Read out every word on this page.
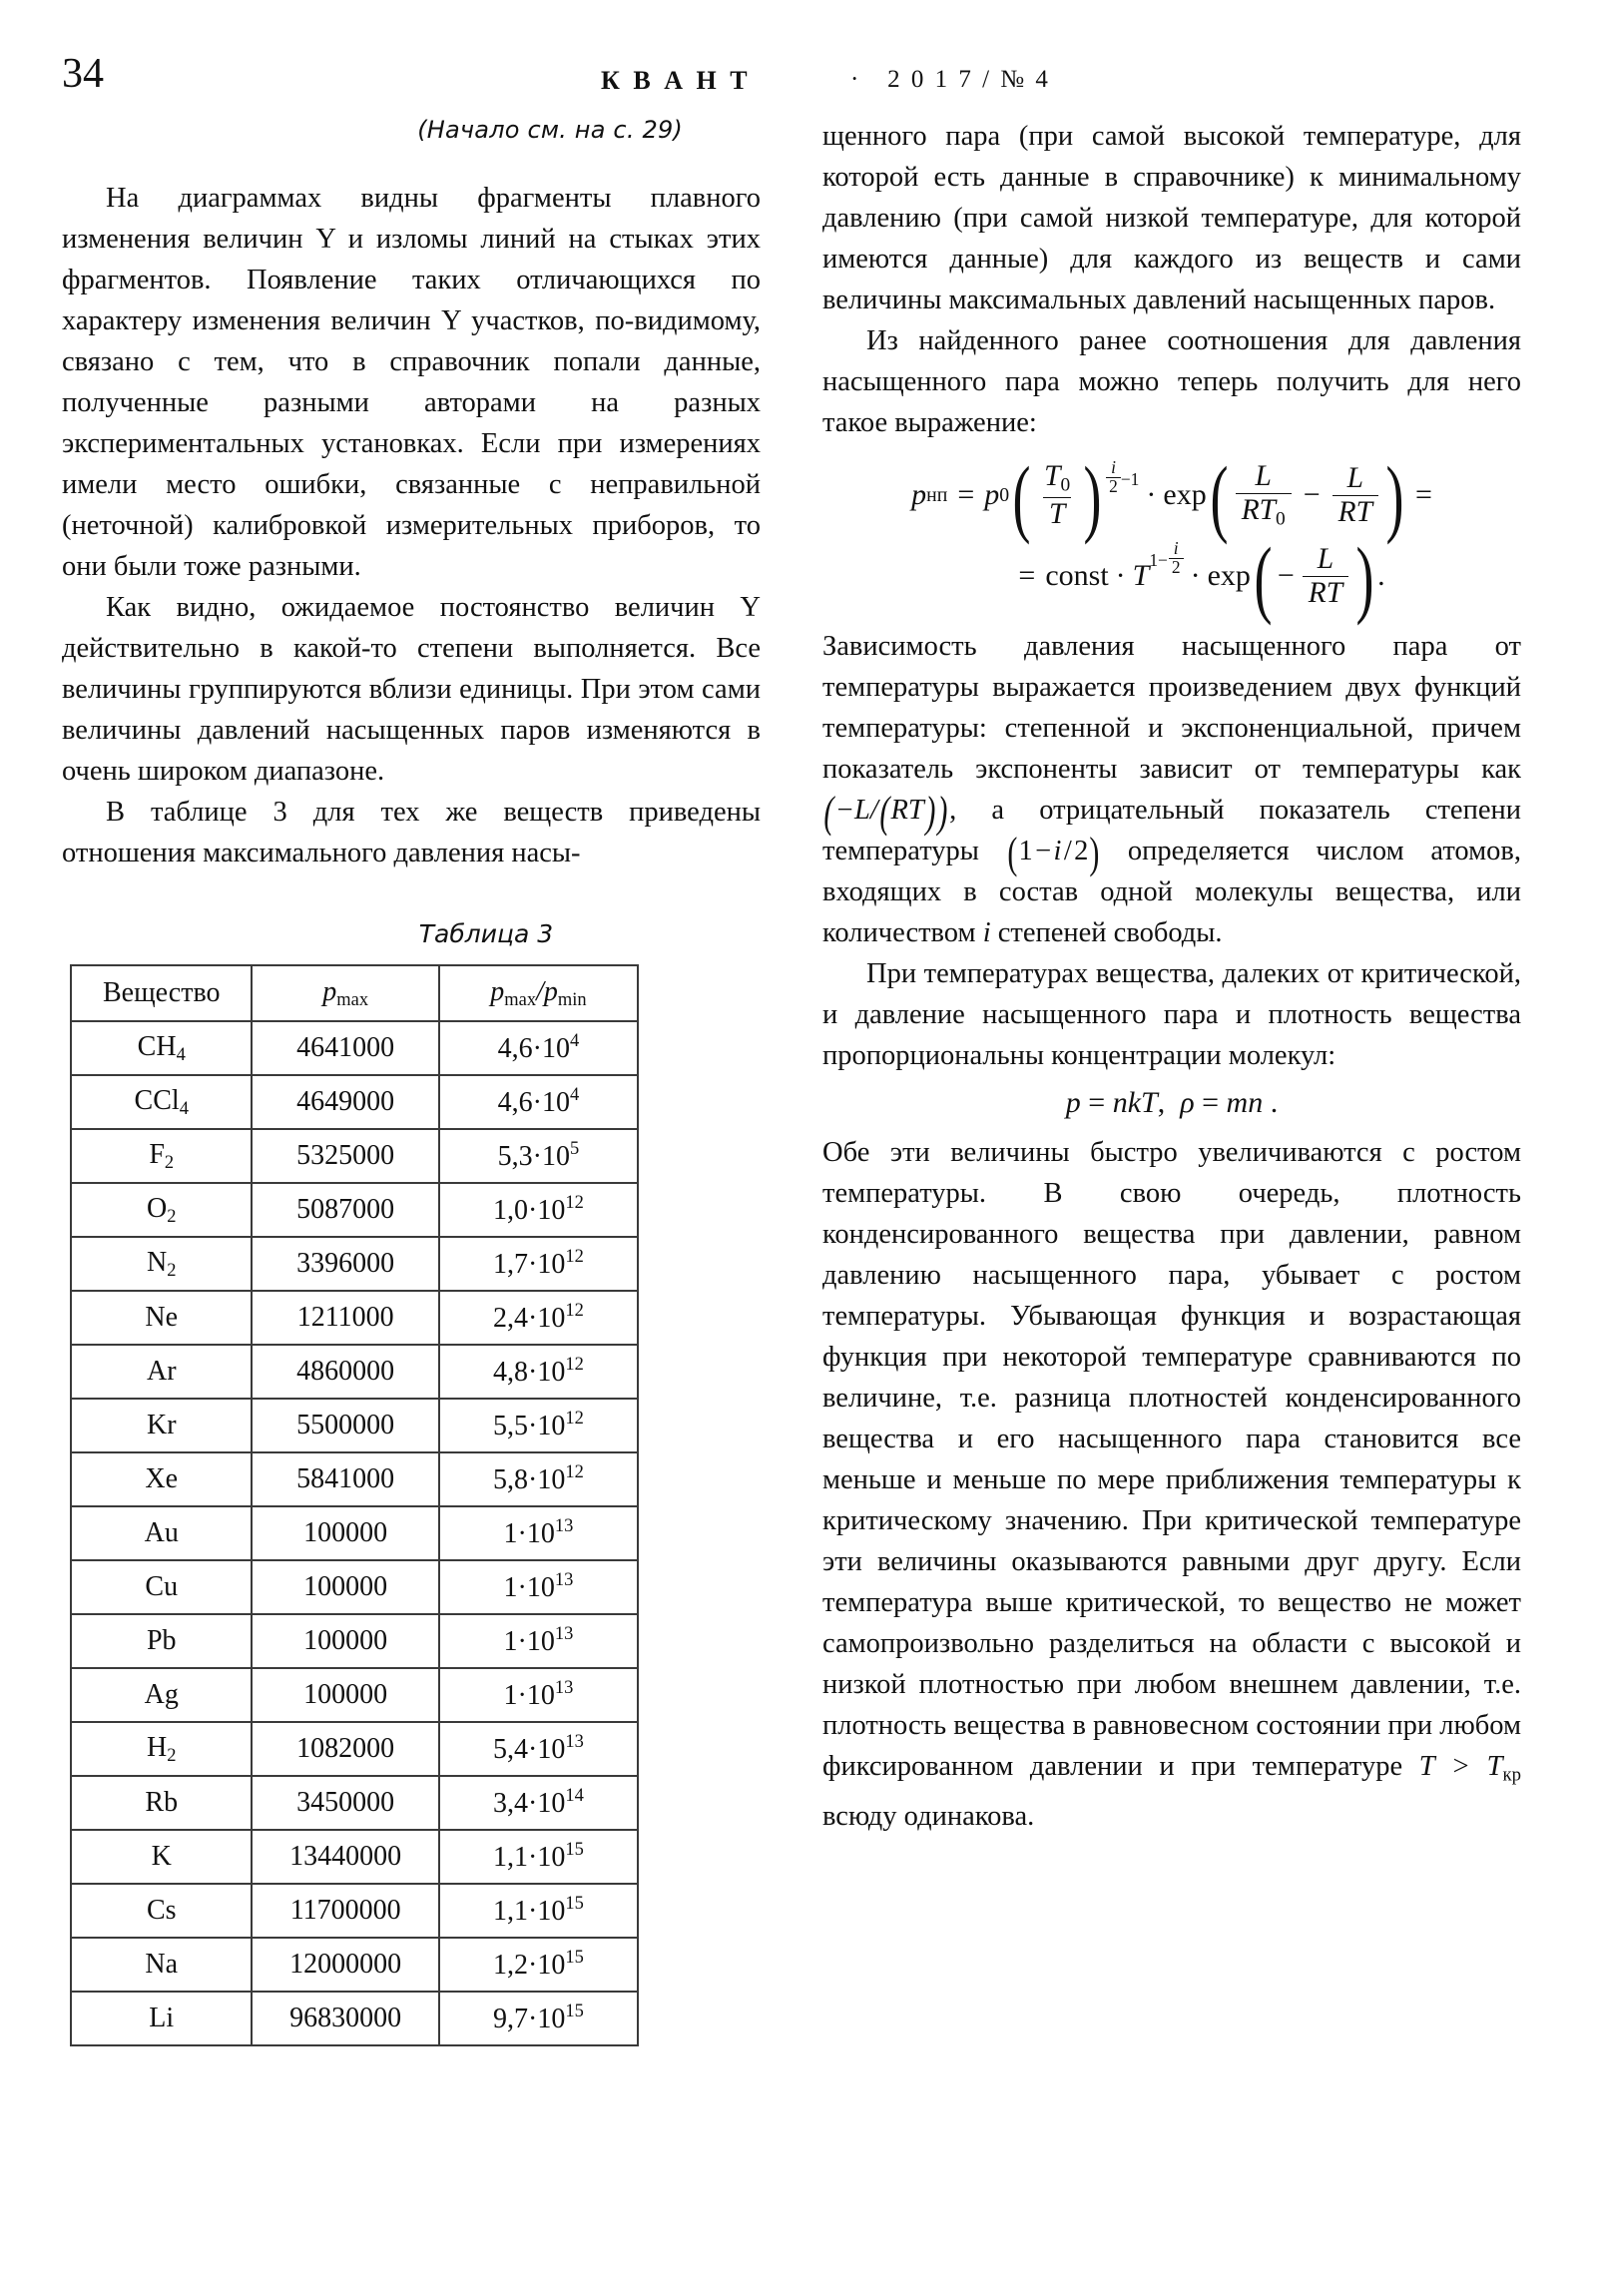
34	К В А Н Т	· 2 0 1 7 / № 4
(Начало см. на с. 29)

На диаграммах видны фрагменты плавного изменения величин Υ и изломы линий на стыках этих фрагментов. Появление таких отличающихся по характеру изменения величин Υ участков, по-видимому, связано с тем, что в справочник попали данные, полученные разными авторами на разных экспериментальных установках. Если при измерениях имели место ошибки, связанные с неправильной (неточной) калибровкой измерительных приборов, то они были тоже разными.

Как видно, ожидаемое постоянство величин Υ действительно в какой-то степени выполняется. Все величины группируются вблизи единицы. При этом сами величины давлений насыщенных паров изменяются в очень широком диапазоне.

В таблице 3 для тех же веществ приведены отношения максимального давления насы-

Таблица 3
Вещество	$p_{max}$	$p_{max}/p_{min}$
$CH_4$	4641000	$4,6\cdot 10^4$
CCl$_4$	4649000	$4,6\cdot 10^4$
$F_2$	5325000	$5,3\cdot 10^5$
$O_2$	5087000	$1,0\cdot 10^{12}$
$N_2$	3396000	$1,7\cdot 10^{12}$
Ne	1211000	$2,4\cdot 10^{12}$
Ar	4860000	$4,8\cdot 10^{12}$
Kr	5500000	$5,5\cdot 10^{12}$
Xe	5841000	$5,8\cdot 10^{12}$
Au	100000	$1\cdot 10^{13}$
Cu	100000	$1\cdot 10^{13}$
Pb	100000	$1\cdot 10^{13}$
Ag	100000	$1\cdot 10^{13}$
$H_2$	1082000	$5,4\cdot 10^{13}$
Rb	3450000	$3,4\cdot 10^{14}$
K	13440000	$1,1\cdot 10^{15}$
Cs	11700000	$1,1\cdot 10^{15}$
Na	12000000	$1,2\cdot 10^{15}$
Li	96830000	$9,7\cdot 10^{15}$

щенного пара (при самой высокой температуре, для которой есть данные в справочнике) к минимальному давлению (при самой низкой температуре, для которой имеются данные) для каждого из веществ и сами величины максимальных давлений насыщенных паров.

Из найденного ранее соотношения для давления насыщенного пара можно теперь получить для него такое выражение:

p нп = p 0 ( $\frac{T_0}{T}$ ) $\frac{i}{2} -1 \cdot \exp$ ( $\frac{L}{RT_0} - \frac{L}{RT}$ ) =
= const · T $1- \frac{i}{2} \cdot \exp$ ( − $\frac{L}{RT}$ ) .

Зависимость давления насыщенного пара от температуры выражается произведением двух функций температуры: степенной и экспоненциальной, причем показатель экспоненты зависит от температуры как (−L/(RT)), а отрицательный показатель степени температуры (1 − i / 2) определяется числом атомов, входящих в состав одной молекулы вещества, или количеством i степеней свободы.

При температурах вещества, далеких от критической, и давление насыщенного пара и плотность вещества пропорциональны концентрации молекул:

p = nkT, ρ = mn .

Обе эти величины быстро увеличиваются с ростом температуры. В свою очередь, плотность конденсированного вещества при давлении, равном давлению насыщенного пара, убывает с ростом температуры. Убывающая функция и возрастающая функция при некоторой температуре сравниваются по величине, т.е. разница плотностей конденсированного вещества и его насыщенного пара становится все меньше и меньше по мере приближения температуры к критическому значению. При критической температуре эти величины оказываются равными друг другу. Если температура выше критической, то вещество не может самопроизвольно разделиться на области с высокой и низкой плотностью при любом внешнем давлении, т.е. плотность вещества в равновесном состоянии при любом фиксированном давлении и при температуре $T > T_{кр}$ всюду одинакова.
